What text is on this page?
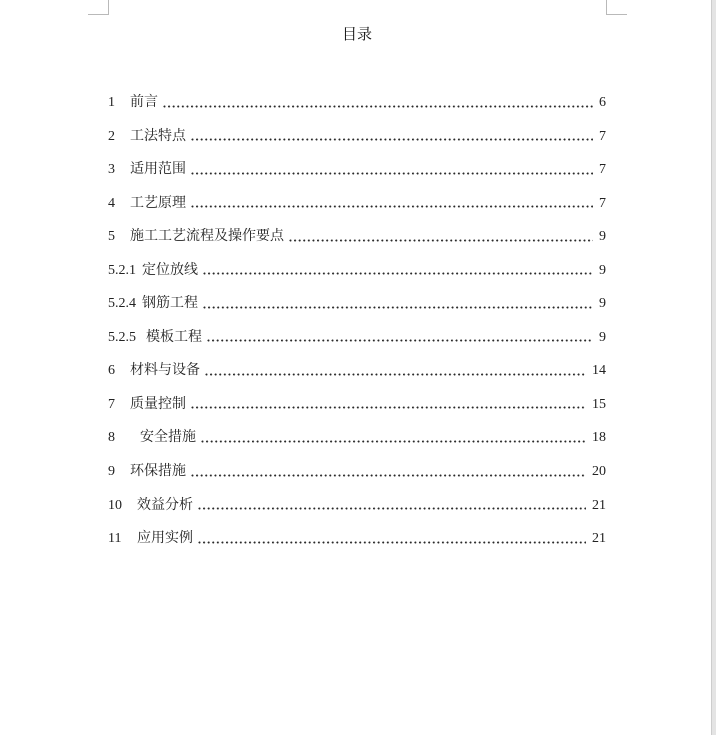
目录
1	前言	6
2	工法特点	7
3	适用范围	7
4	工艺原理	7
5	施工工艺流程及操作要点	9
5.2.1 定位放线	9
5.2.4 钢筋工程	9
5.2.5 模板工程	9
6	材料与设备	14
7	质量控制	15
8	安全措施	18
9	环保措施	20
10	效益分析	21
11	应用实例	21
